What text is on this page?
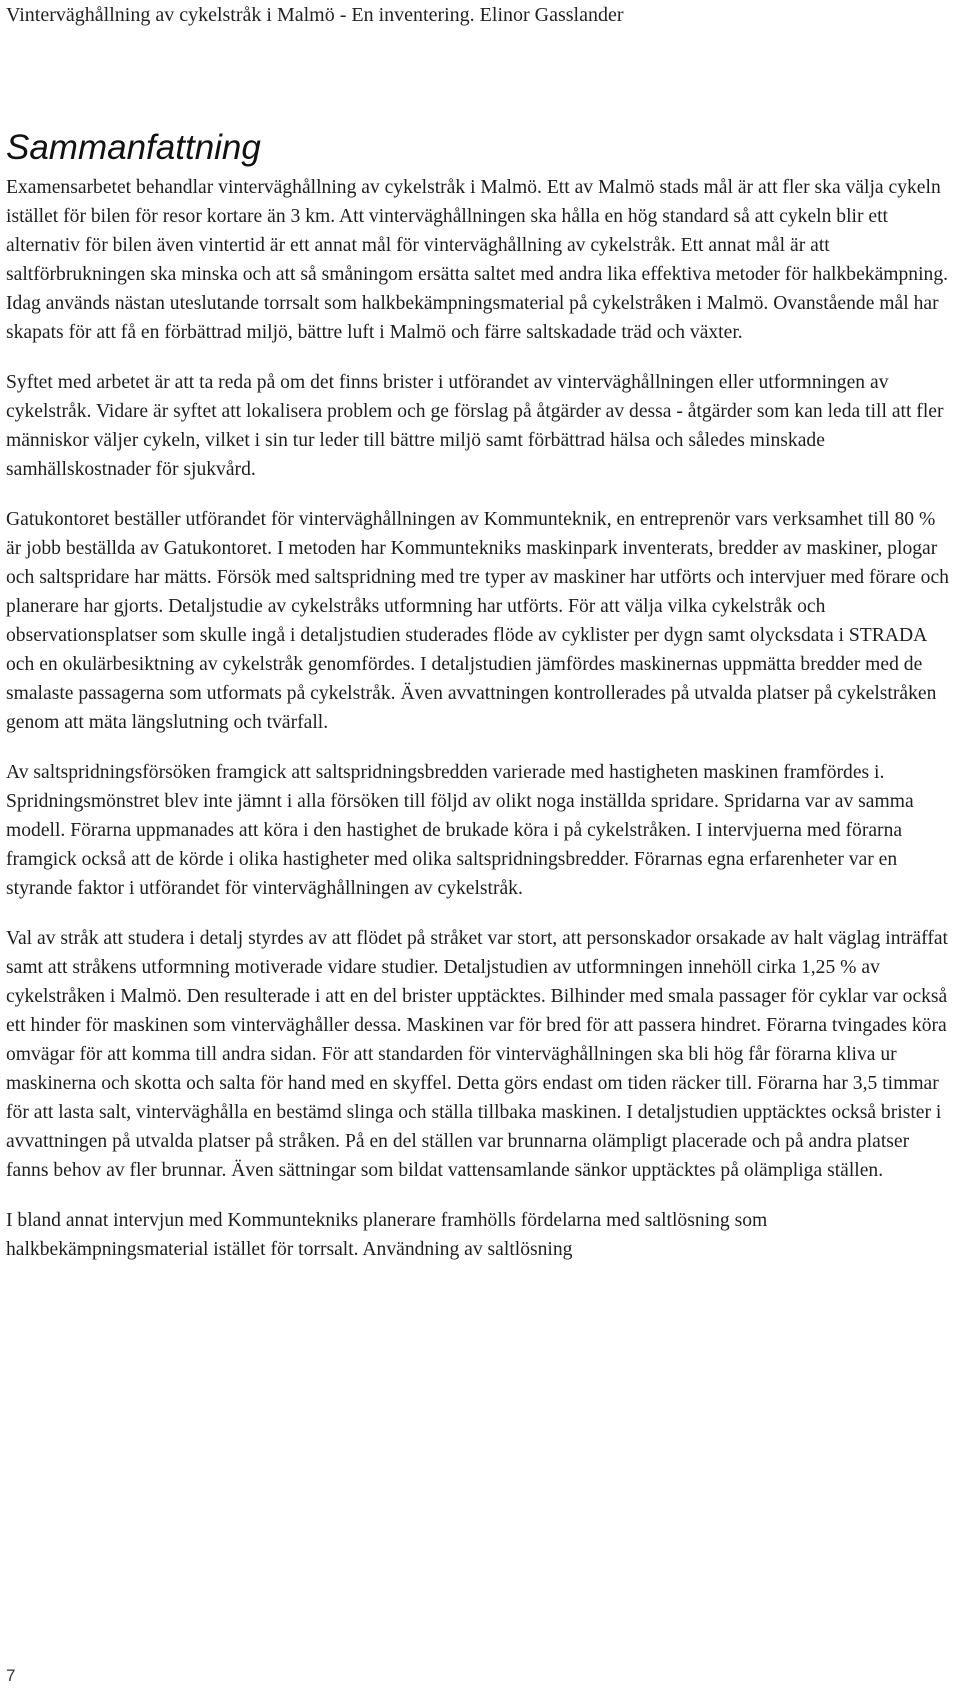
Vinterväghållning av cykelstråk i Malmö - En inventering. Elinor Gasslander
Sammanfattning

Examensarbetet behandlar vinterväghållning av cykelstråk i Malmö. Ett av Malmö stads mål är att fler ska välja cykeln istället för bilen för resor kortare än 3 km. Att vinterväghållningen ska hålla en hög standard så att cykeln blir ett alternativ för bilen även vintertid är ett annat mål för vinterväghållning av cykelstråk. Ett annat mål är att saltförbrukningen ska minska och att så småningom ersätta saltet med andra lika effektiva metoder för halkbekämpning. Idag används nästan uteslutande torrsalt som halkbekämpningsmaterial på cykelstråken i Malmö. Ovanstående mål har skapats för att få en förbättrad miljö, bättre luft i Malmö och färre saltskadade träd och växter.

Syftet med arbetet är att ta reda på om det finns brister i utförandet av vinterväghållningen eller utformningen av cykelstråk. Vidare är syftet att lokalisera problem och ge förslag på åtgärder av dessa - åtgärder som kan leda till att fler människor väljer cykeln, vilket i sin tur leder till bättre miljö samt förbättrad hälsa och således minskade samhällskostnader för sjukvård.

Gatukontoret beställer utförandet för vinterväghållningen av Kommunteknik, en entreprenör vars verksamhet till 80 % är jobb beställda av Gatukontoret. I metoden har Kommuntekniks maskinpark inventerats, bredder av maskiner, plogar och saltspridare har mätts. Försök med saltspridning med tre typer av maskiner har utförts och intervjuer med förare och planerare har gjorts. Detaljstudie av cykelstråks utformning har utförts. För att välja vilka cykelstråk och observationsplatser som skulle ingå i detaljstudien studerades flöde av cyklister per dygn samt olycksdata i STRADA och en okulärbesiktning av cykelstråk genomfördes. I detaljstudien jämfördes maskinernas uppmätta bredder med de smalaste passagerna som utformats på cykelstråk. Även avvattningen kontrollerades på utvalda platser på cykelstråken genom att mäta längslutning och tvärfall.

Av saltspridningsförsöken framgick att saltspridningsbredden varierade med hastigheten maskinen framfördes i. Spridningsmönstret blev inte jämnt i alla försöken till följd av olikt noga inställda spridare. Spridarna var av samma modell. Förarna uppmanades att köra i den hastighet de brukade köra i på cykelstråken. I intervjuerna med förarna framgick också att de körde i olika hastigheter med olika saltspridningsbredder. Förarnas egna erfarenheter var en styrande faktor i utförandet för vinterväghållningen av cykelstråk.

Val av stråk att studera i detalj styrdes av att flödet på stråket var stort, att personskador orsakade av halt väglag inträffat samt att stråkens utformning motiverade vidare studier. Detaljstudien av utformningen innehöll cirka 1,25 % av cykelstråken i Malmö. Den resulterade i att en del brister upptäcktes. Bilhinder med smala passager för cyklar var också ett hinder för maskinen som vinterväghåller dessa. Maskinen var för bred för att passera hindret. Förarna tvingades köra omvägar för att komma till andra sidan. För att standarden för vinterväghållningen ska bli hög får förarna kliva ur maskinerna och skotta och salta för hand med en skyffel. Detta görs endast om tiden räcker till. Förarna har 3,5 timmar för att lasta salt, vinterväghålla en bestämd slinga och ställa tillbaka maskinen. I detaljstudien upptäcktes också brister i avvattningen på utvalda platser på stråken. På en del ställen var brunnarna olämpligt placerade och på andra platser fanns behov av fler brunnar. Även sättningar som bildat vattensamlande sänkor upptäcktes på olämpliga ställen.

I bland annat intervjun med Kommuntekniks planerare framhölls fördelarna med saltlösning som halkbekämpningsmaterial istället för torrsalt. Användning av saltlösning

7
